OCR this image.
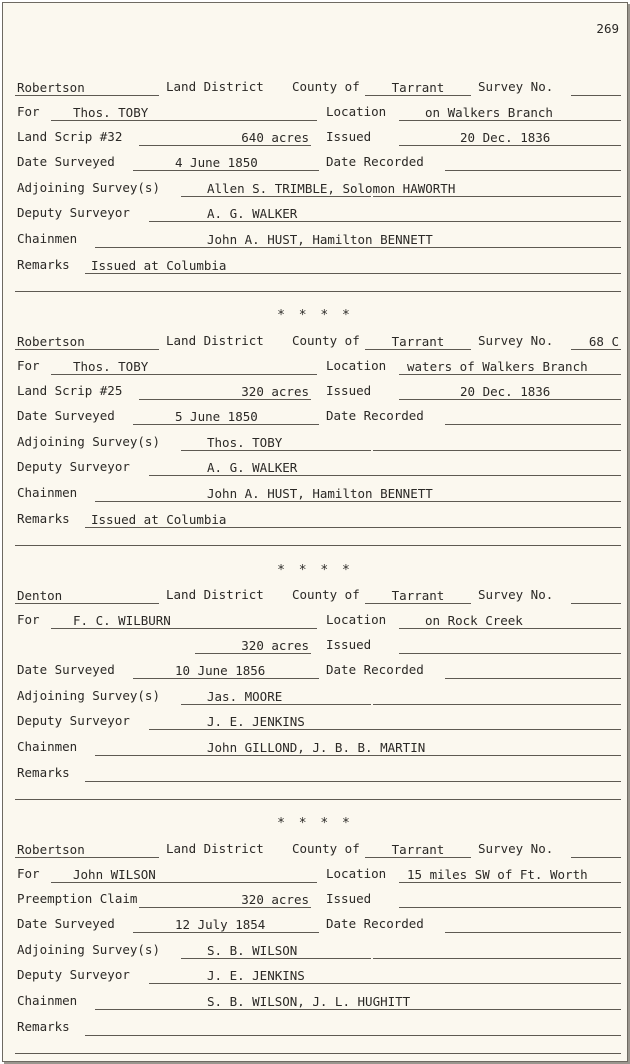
269
Robertson	Land District County of	Tarrant	Survey No.
For	Thos. TOBY	Location	on Walkers Branch
Land Scrip #32	640 acres Issued	20 Dec. 1836
Date Surveyed	4 June 1850	Date Recorded
Adjoining Survey(s)	Allen S. TRIMBLE, Solomon HAWORTH
Deputy Surveyor	A. G. WALKER
Chainmen	John A. HUST, Hamilton BENNETT
Remarks Issued at Columbia
Robertson	Land District County of	Tarrant	Survey No.	68 C
For	Thos. TOBY	Location waters of Walkers Branch
Land Scrip #25	320 acres Issued	20 Dec. 1836
Date Surveyed	5 June 1850	Date Recorded
Adjoining Survey(s)	Thos. TOBY
Deputy Surveyor	A. G. WALKER
Chainmen	John A. HUST, Hamilton BENNETT
Remarks Issued at Columbia
Denton	Land District County of	Tarrant	Survey No.
For	F. C. WILBURN	Location	on Rock Creek
320 acres Issued
Date Surveyed	10 June 1856	Date Recorded
Adjoining Survey(s)	Jas. MOORE
Deputy Surveyor	J. E. JENKINS
Chainmen	John GILLOND, J. B. B. MARTIN
Remarks
Robertson	Land District County of	Tarrant	Survey No.
For	John WILSON	Location 15 miles SW of Ft. Worth
Preemption Claim	320 acres Issued
Date Surveyed	12 July 1854	Date Recorded
Adjoining Survey(s)	S. B. WILSON
Deputy Surveyor	J. E. JENKINS
Chainmen	S. B. WILSON, J. L. HUGHITT
Remarks
* * * *
* * * *
* * * *
